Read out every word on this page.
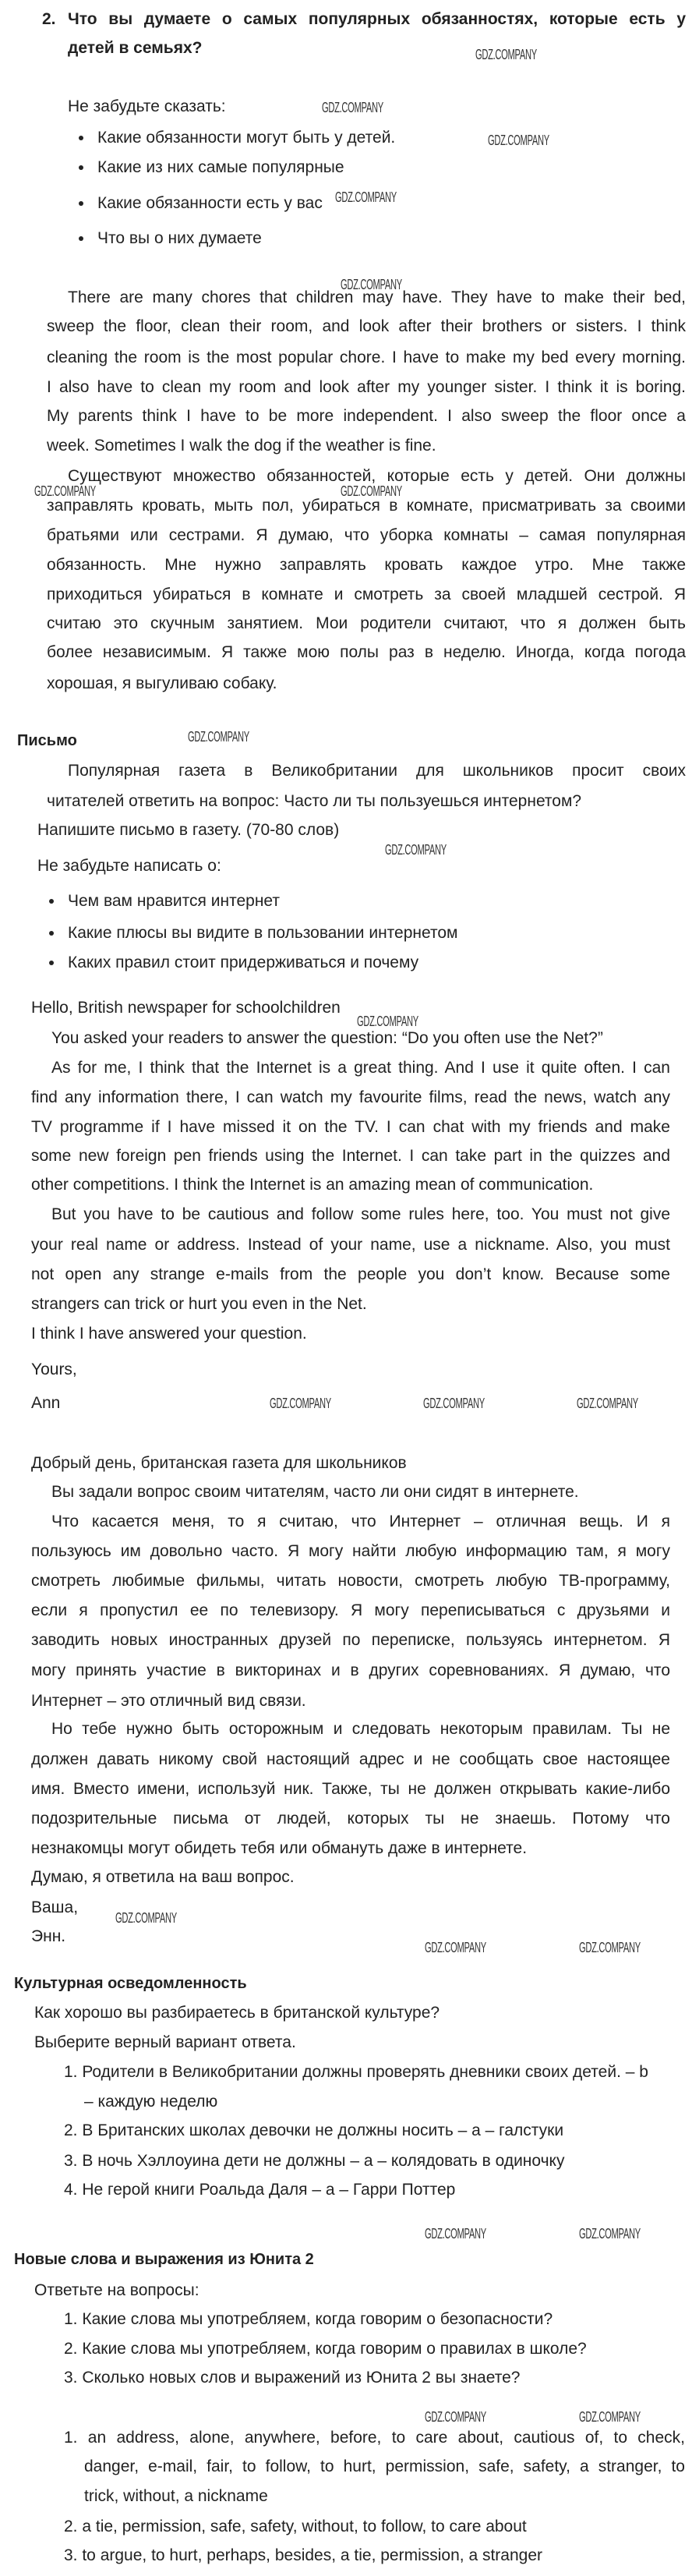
2. Что вы думаете о самых популярных обязанностях, которые есть у
детей в семьях?
Не забудьте сказать:
Какие обязанности могут быть у детей.
Какие из них самые популярные
Какие обязанности есть у вас
Что вы о них думаете
There are many chores that children may have. They have to make their bed,
sweep the floor, clean their room, and look after their brothers or sisters. I think
cleaning the room is the most popular chore. I have to make my bed every morning.
I also have to clean my room and look after my younger sister. I think it is boring.
My parents think I have to be more independent. I also sweep the floor once a
week. Sometimes I walk the dog if the weather is fine.
Существуют множество обязанностей, которые есть у детей. Они должны
заправлять кровать, мыть пол, убираться в комнате, присматривать за своими
братьями или сестрами. Я думаю, что уборка комнаты – самая популярная
обязанность. Мне нужно заправлять кровать каждое утро. Мне также
приходиться убираться в комнате и смотреть за своей младшей сестрой. Я
считаю это скучным занятием. Мои родители считают, что я должен быть
более независимым. Я также мою полы раз в неделю. Иногда, когда погода
хорошая, я выгуливаю собаку.
Письмо
Популярная газета в Великобритании для школьников просит своих
читателей ответить на вопрос: Часто ли ты пользуешься интернетом?
Напишите письмо в газету. (70-80 слов)
Не забудьте написать о:
Чем вам нравится интернет
Какие плюсы вы видите в пользовании интернетом
Каких правил стоит придерживаться и почему
Hello, British newspaper for schoolchildren
You asked your readers to answer the question: “Do you often use the Net?”
As for me, I think that the Internet is a great thing. And I use it quite often. I can
find any information there, I can watch my favourite films, read the news, watch any
TV programme if I have missed it on the TV. I can chat with my friends and make
some new foreign pen friends using the Internet. I can take part in the quizzes and
other competitions. I think the Internet is an amazing mean of communication.
But you have to be cautious and follow some rules here, too. You must not give
your real name or address. Instead of your name, use a nickname. Also, you must
not open any strange e-mails from the people you don’t know. Because some
strangers can trick or hurt you even in the Net.
I think I have answered your question.
Yours,
Ann
Добрый день, британская газета для школьников
Вы задали вопрос своим читателям, часто ли они сидят в интернете.
Что касается меня, то я считаю, что Интернет – отличная вещь. И я
пользуюсь им довольно часто. Я могу найти любую информацию там, я могу
смотреть любимые фильмы, читать новости, смотреть любую ТВ-программу,
если я пропустил ее по телевизору. Я могу переписываться с друзьями и
заводить новых иностранных друзей по переписке, пользуясь интернетом. Я
могу принять участие в викторинах и в других соревнованиях. Я думаю, что
Интернет – это отличный вид связи.
Но тебе нужно быть осторожным и следовать некоторым правилам. Ты не
должен давать никому свой настоящий адрес и не сообщать свое настоящее
имя. Вместо имени, используй ник. Также, ты не должен открывать какие-либо
подозрительные письма от людей, которых ты не знаешь. Потому что
незнакомцы могут обидеть тебя или обмануть даже в интернете.
Думаю, я ответила на ваш вопрос.
Ваша,
Энн.
Культурная осведомленность
Как хорошо вы разбираетесь в британской культуре?
Выберите верный вариант ответа.
1. Родители в Великобритании должны проверять дневники своих детей. – b
– каждую неделю
2. В Британских школах девочки не должны носить – a – галстуки
3. В ночь Хэллоуина дети не должны – a – колядовать в одиночку
4. Не герой книги Роальда Даля – a – Гарри Поттер
Новые слова и выражения из Юнита 2
Ответьте на вопросы:
1. Какие слова мы употребляем, когда говорим о безопасности?
2. Какие слова мы употребляем, когда говорим о правилах в школе?
3. Сколько новых слов и выражений из Юнита 2 вы знаете?
1. an address, alone, anywhere, before, to care about, cautious of, to check,
danger, e-mail, fair, to follow, to hurt, permission, safe, safety, a stranger, to
trick, without, a nickname
2. a tie, permission, safe, safety, without, to follow, to care about
3. to argue, to hurt, perhaps, besides, a tie, permission, a stranger
GDZ.COMPANY
GDZ.COMPANY
GDZ.COMPANY
GDZ.COMPANY
GDZ.COMPANY
GDZ.COMPANY	GDZ.COMPANY
GDZ.COMPANY
GDZ.COMPANY
GDZ.COMPANY
GDZ.COMPANY	GDZ.COMPANY	GDZ.COMPANY
GDZ.COMPANY
GDZ.COMPANY	GDZ.COMPANY
GDZ.COMPANY	GDZ.COMPANY
GDZ.COMPANY	GDZ.COMPANY
